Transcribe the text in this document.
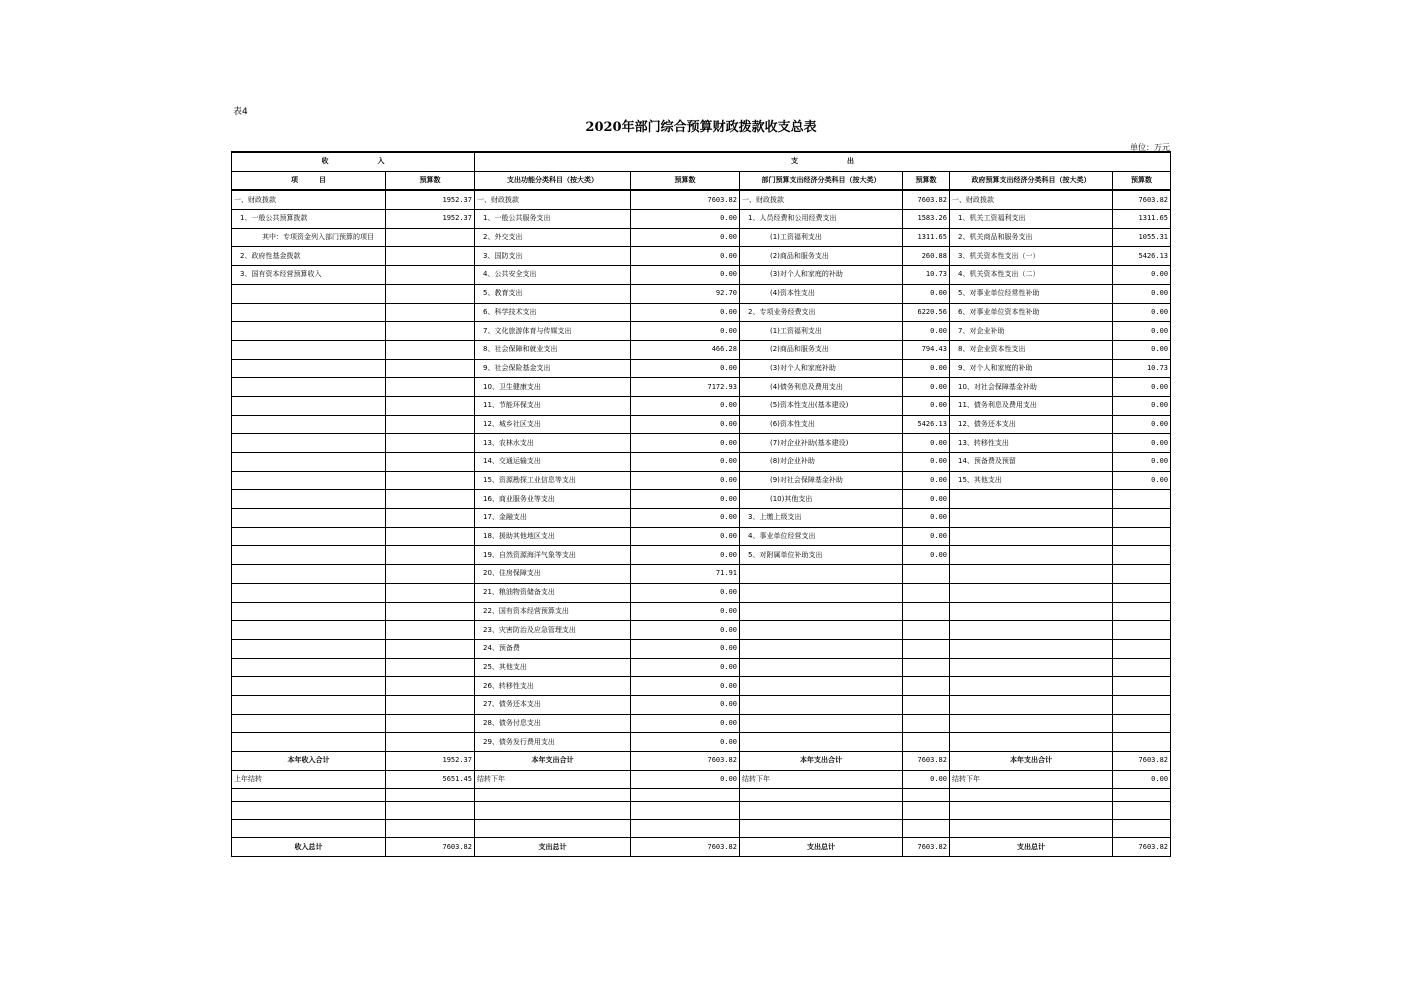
表4
2020年部门综合预算财政拨款收支总表
单位：万元
收　　　　　　　入		支　　　　　　　出					
项　　　目	预算数	支出功能分类科目（按大类）	预算数	部门预算支出经济分类科目（按大类）	预算数	政府预算支出经济分类科目（按大类）	预算数
一、财政拨款	1952.37	一、财政拨款	7603.82	一、财政拨款	7603.82	一、财政拨款	7603.82
1、一般公共预算拨款	1952.37	1、一般公共服务支出	0.00	1、人员经费和公用经费支出	1583.26	1、机关工资福利支出	1311.65
其中：专项资金列入部门预算的项目		2、外交支出	0.00	(1)工资福利支出	1311.65	2、机关商品和服务支出	1055.31
2、政府性基金拨款		3、国防支出	0.00	(2)商品和服务支出	260.88	3、机关资本性支出（一）	5426.13
3、国有资本经营预算收入		4、公共安全支出	0.00	(3)对个人和家庭的补助	10.73	4、机关资本性支出（二）	0.00
		5、教育支出	92.70	(4)资本性支出	0.00	5、对事业单位经常性补助	0.00
		6、科学技术支出	0.00	2、专项业务经费支出	6220.56	6、对事业单位资本性补助	0.00
		7、文化旅游体育与传媒支出	0.00	(1)工资福利支出	0.00	7、对企业补助	0.00
		8、社会保障和就业支出	466.28	(2)商品和服务支出	794.43	8、对企业资本性支出	0.00
		9、社会保险基金支出	0.00	(3)对个人和家庭补助	0.00	9、对个人和家庭的补助	10.73
		10、卫生健康支出	7172.93	(4)债务利息及费用支出	0.00	10、对社会保障基金补助	0.00
		11、节能环保支出	0.00	(5)资本性支出(基本建设)	0.00	11、债务利息及费用支出	0.00
		12、城乡社区支出	0.00	(6)资本性支出	5426.13	12、债务还本支出	0.00
		13、农林水支出	0.00	(7)对企业补助(基本建设)	0.00	13、转移性支出	0.00
		14、交通运输支出	0.00	(8)对企业补助	0.00	14、预备费及预留	0.00
		15、资源勘探工业信息等支出	0.00	(9)对社会保障基金补助	0.00	15、其他支出	0.00
		16、商业服务业等支出	0.00	(10)其他支出	0.00		
		17、金融支出	0.00	3、上缴上级支出	0.00		
		18、援助其他地区支出	0.00	4、事业单位经营支出	0.00		
		19、自然资源海洋气象等支出	0.00	5、对附属单位补助支出	0.00		
		20、住房保障支出	71.91				
		21、粮油物资储备支出	0.00				
		22、国有资本经营预算支出	0.00				
		23、灾害防治及应急管理支出	0.00				
		24、预备费	0.00				
		25、其他支出	0.00				
		26、转移性支出	0.00				
		27、债务还本支出	0.00				
		28、债务付息支出	0.00				
		29、债务发行费用支出	0.00				
本年收入合计	1952.37	本年支出合计	7603.82	本年支出合计	7603.82	本年支出合计	7603.82
上年结转	5651.45	结转下年	0.00	结转下年	0.00	结转下年	0.00

收入总计	7603.82	支出总计	7603.82	支出总计	7603.82	支出总计	7603.82
